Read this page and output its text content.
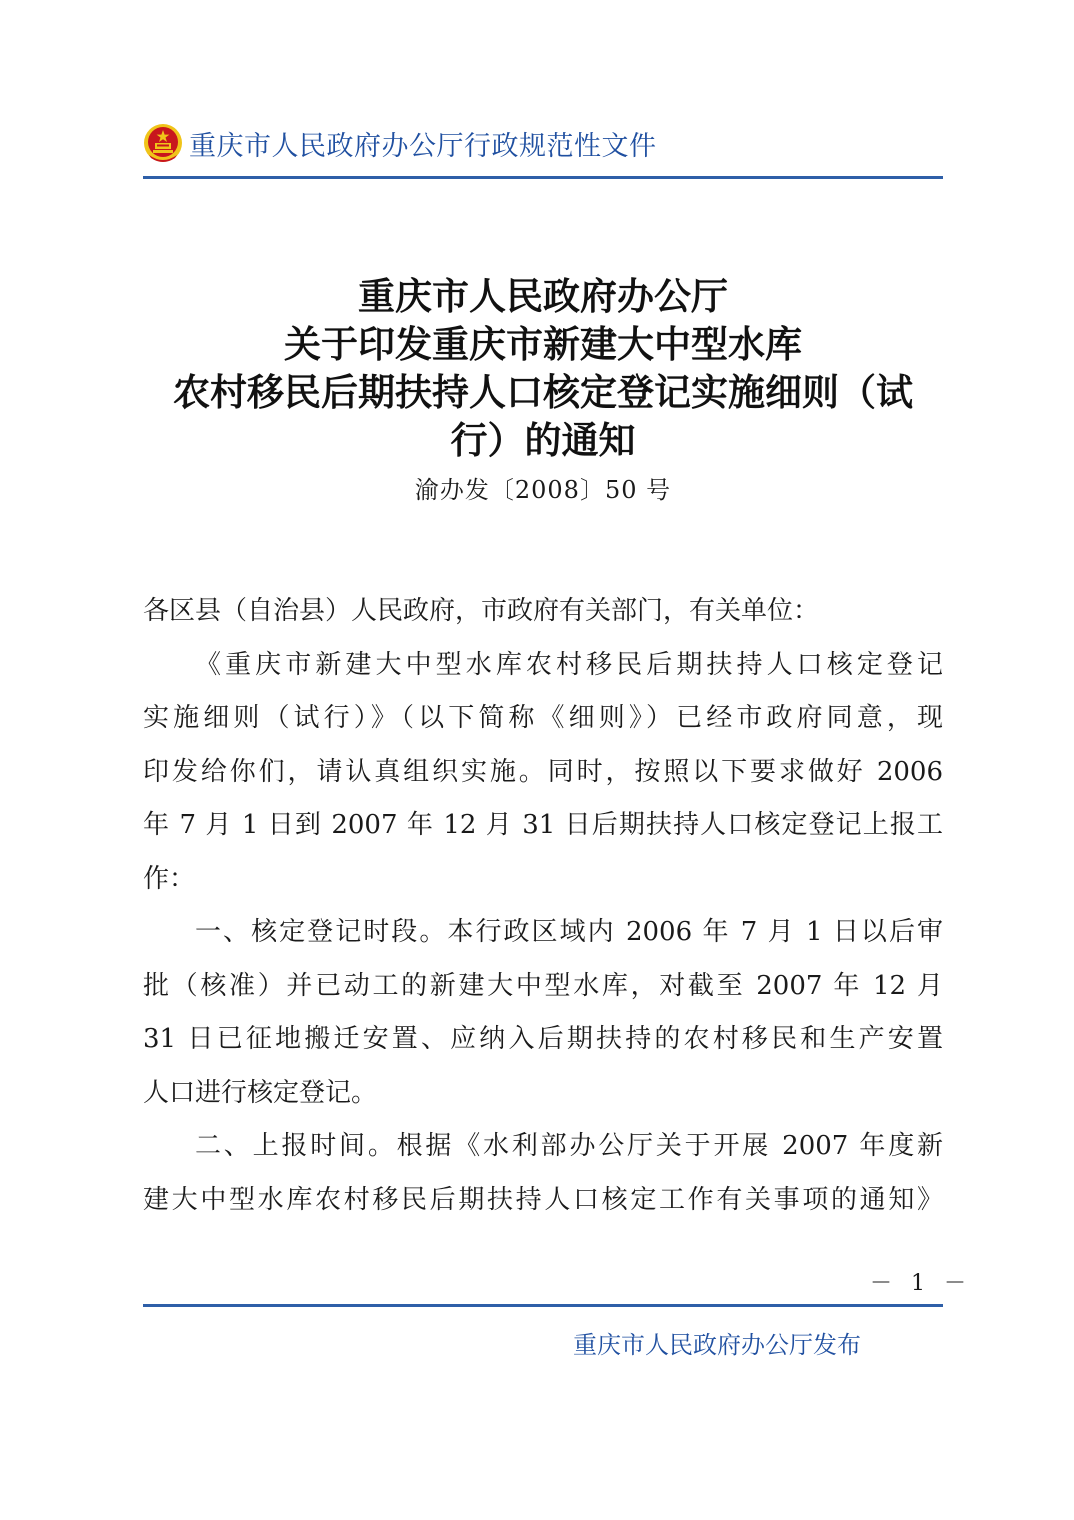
重庆市人民政府办公厅行政规范性文件
重庆市人民政府办公厅
关于印发重庆市新建大中型水库
农村移民后期扶持人口核定登记实施细则（试
行）的通知
渝办发〔2008〕50 号
各区县（自治县）人民政府，市政府有关部门，有关单位：
《重庆市新建大中型水库农村移民后期扶持人口核定登记
实施细则（试行）》（以下简称《细则》）已经市政府同意，现
印发给你们，请认真组织实施。同时，按照以下要求做好 2006
年 7 月 1 日到 2007 年 12 月 31 日后期扶持人口核定登记上报工
作：
一、核定登记时段。本行政区域内 2006 年 7 月 1 日以后审
批（核准）并已动工的新建大中型水库，对截至 2007 年 12 月
31 日已征地搬迁安置、应纳入后期扶持的农村移民和生产安置
人口进行核定登记。
二、上报时间。根据《水利部办公厅关于开展 2007 年度新
建大中型水库农村移民后期扶持人口核定工作有关事项的通知》
－ 1 －
重庆市人民政府办公厅发布
